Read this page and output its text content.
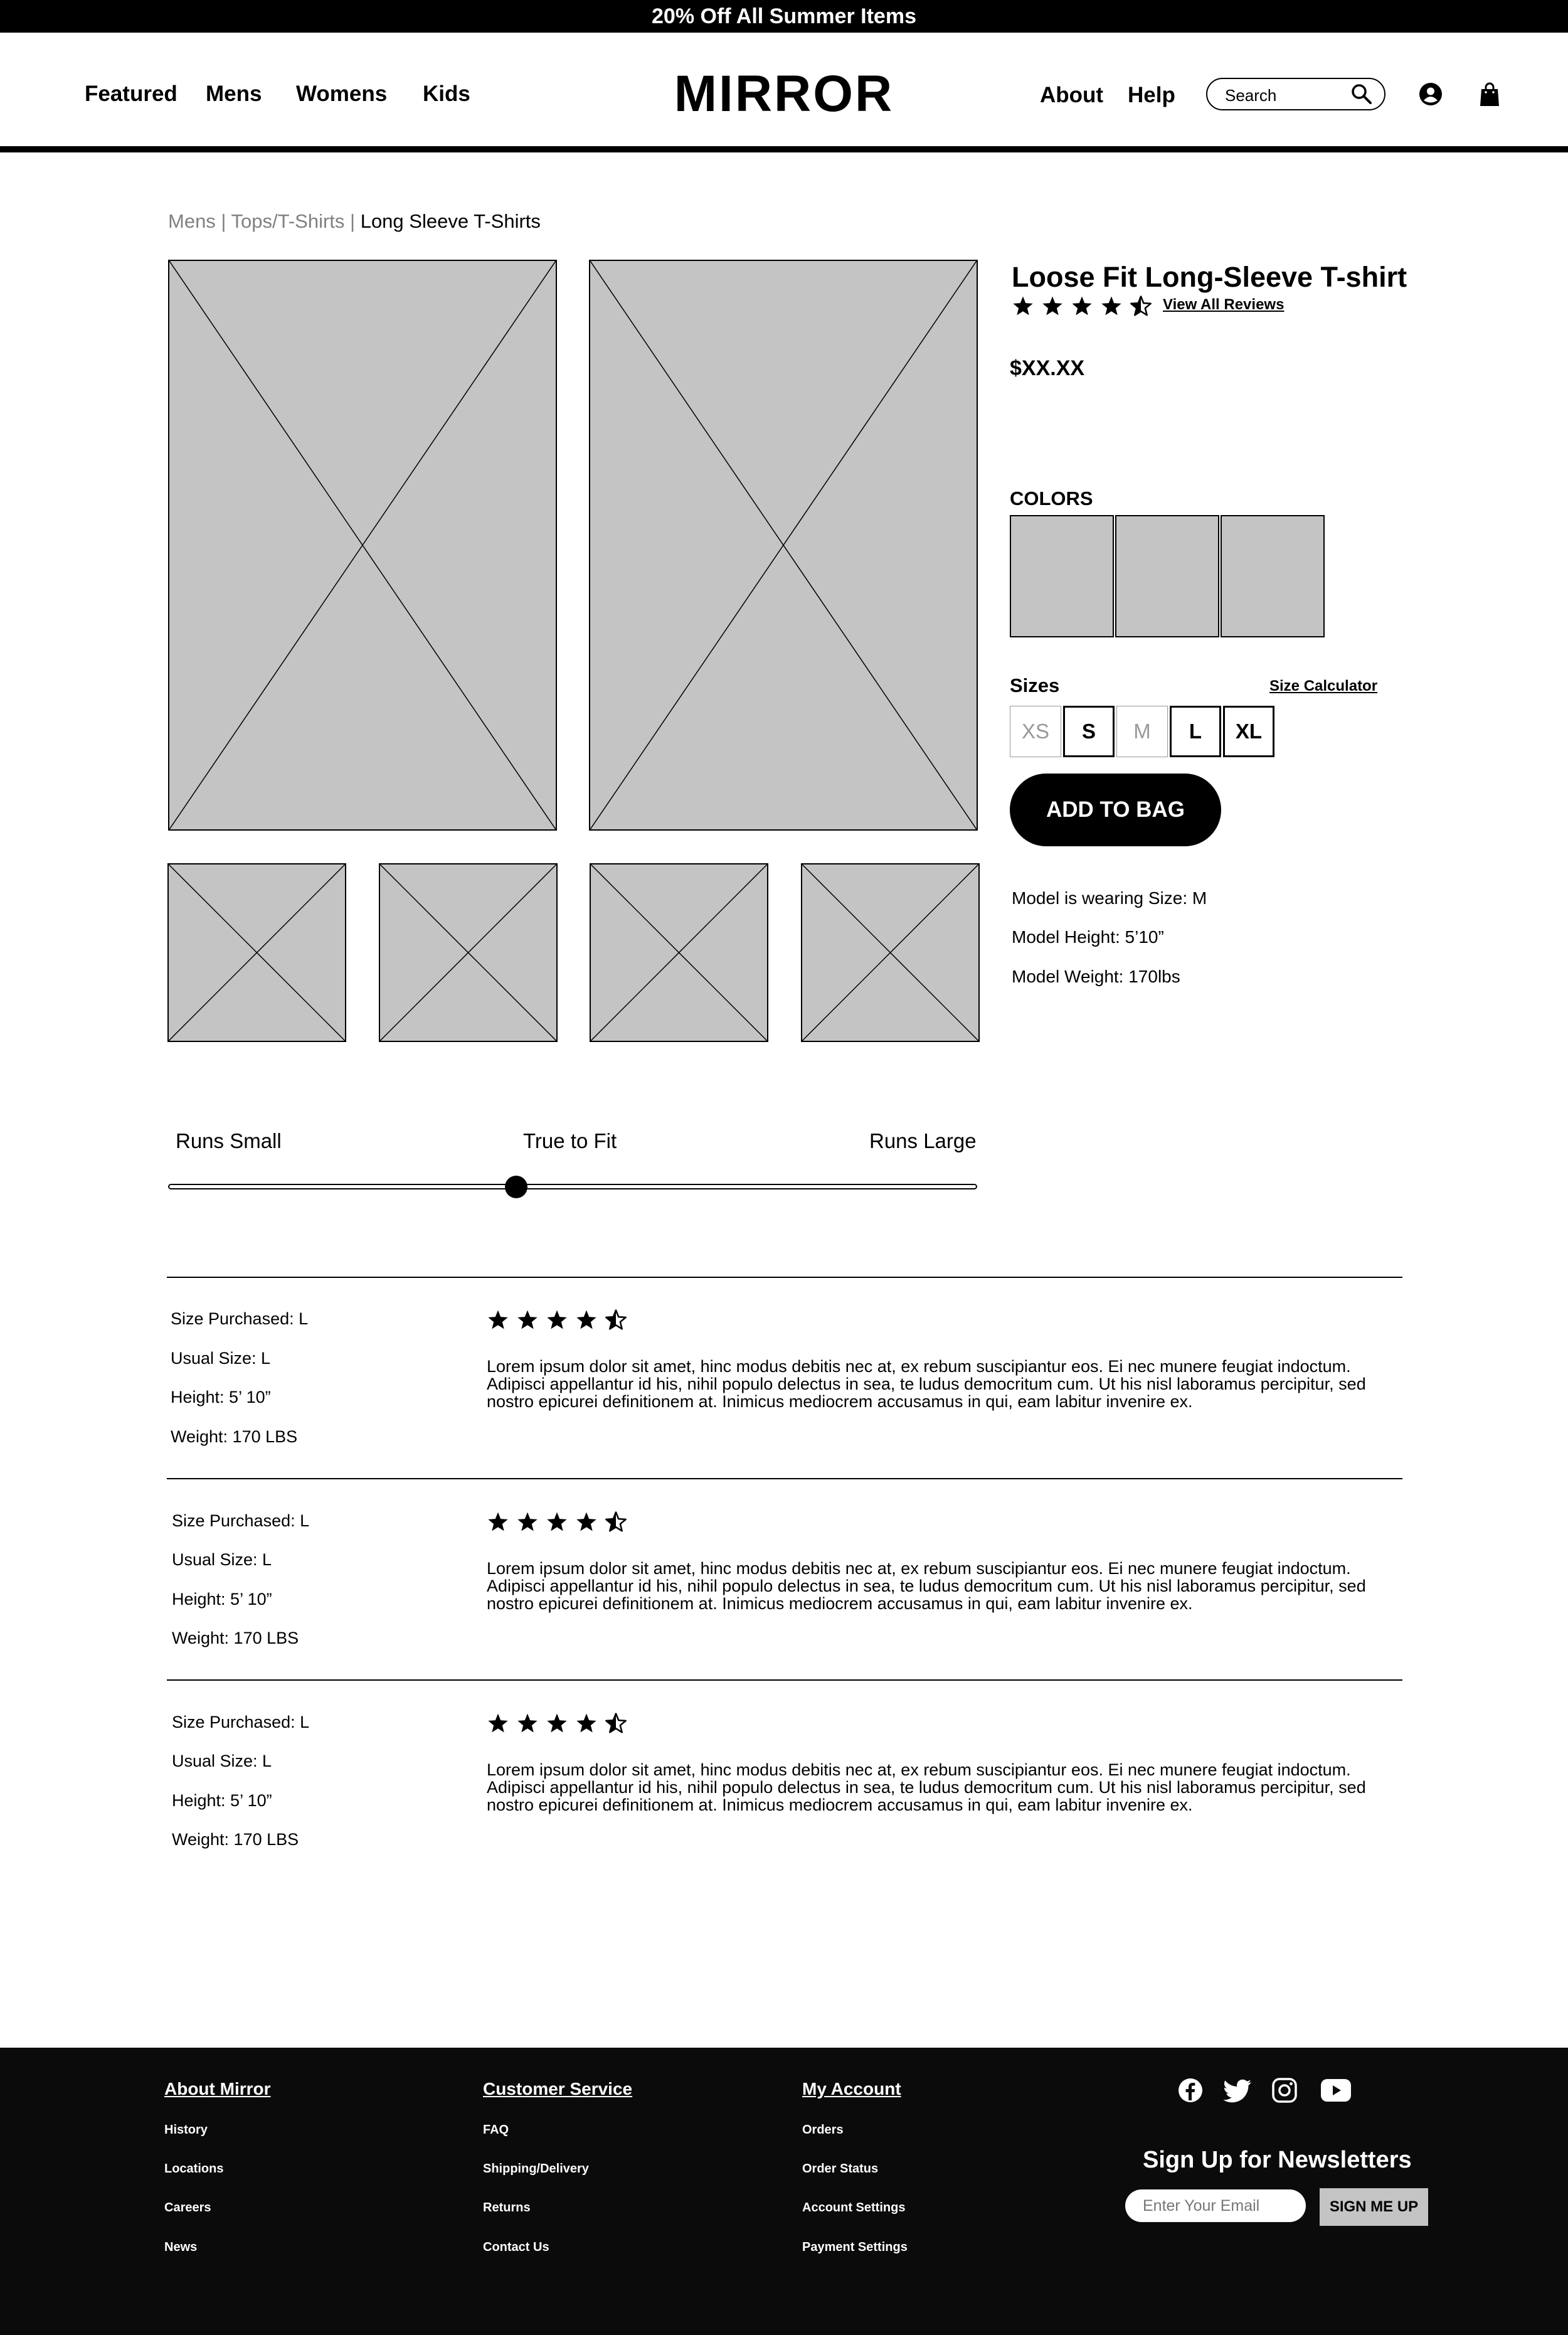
20% Off All Summer Items
Featured Mens Womens Kids	MIRROR	About Help
Search
Mens | Tops/T-Shirts | Long Sleeve T-Shirts
Loose Fit Long-Sleeve T-shirt
View All Reviews
$XX.XX
COLORS
Sizes	Size Calculator
XS	S	M	L	XL
ADD TO BAG
Model is wearing Size: M
Model Height: 5’10”
Model Weight: 170lbs
Runs Small	True to Fit	Runs Large
Size Purchased: L
Usual Size: L
Height: 5’ 10”
Weight: 170 LBS
Lorem ipsum dolor sit amet, hinc modus debitis nec at, ex rebum suscipiantur eos. Ei nec munere feugiat indoctum. Adipisci appellantur id his, nihil populo delectus in sea, te ludus democritum cum. Ut his nisl laboramus percipitur, sed nostro epicurei definitionem at. Inimicus mediocrem accusamus in qui, eam labitur invenire ex.
Size Purchased: L
Usual Size: L
Height: 5’ 10”
Weight: 170 LBS
Lorem ipsum dolor sit amet, hinc modus debitis nec at, ex rebum suscipiantur eos. Ei nec munere feugiat indoctum. Adipisci appellantur id his, nihil populo delectus in sea, te ludus democritum cum. Ut his nisl laboramus percipitur, sed nostro epicurei definitionem at. Inimicus mediocrem accusamus in qui, eam labitur invenire ex.
Size Purchased: L
Usual Size: L
Height: 5’ 10”
Weight: 170 LBS
Lorem ipsum dolor sit amet, hinc modus debitis nec at, ex rebum suscipiantur eos. Ei nec munere feugiat indoctum. Adipisci appellantur id his, nihil populo delectus in sea, te ludus democritum cum. Ut his nisl laboramus percipitur, sed nostro epicurei definitionem at. Inimicus mediocrem accusamus in qui, eam labitur invenire ex.
About Mirror
History
Locations
Careers
News
Customer Service
FAQ
Shipping/Delivery
Returns
Contact Us
My Account
Orders
Order Status
Account Settings
Payment Settings
Sign Up for Newsletters
Enter Your Email
SIGN ME UP
